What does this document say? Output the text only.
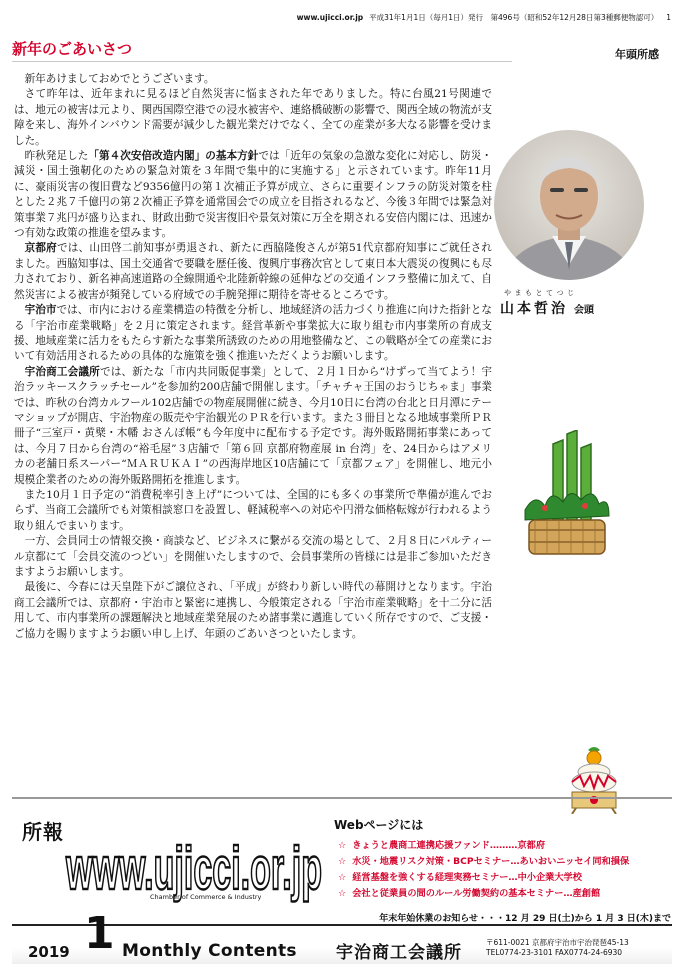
www.ujicci.or.jp 平成31年1月1日（毎月1日）発行　第496号（昭和52年12月28日第3種郵便物認可） 1
新年のごあいさつ	年頭所感

新年あけましておめでとうございます。

さて昨年は、近年まれに見るほど自然災害に悩まされた年でありました。特に台風21号関連では、地元の被害は元より、関西国際空港での浸水被害や、連絡橋破断の影響で、関西全域の物流が支障を来し、海外インバウンド需要が減少した観光業だけでなく、全ての産業が多大なる影響を受けました。

昨秋発足した「第４次安倍改造内閣」の基本方針では「近年の気象の急激な変化に対応し、防災・減災・国土強靭化のための緊急対策を３年間で集中的に実施する」と示されています。昨年11月に、豪雨災害の復旧費など9356億円の第１次補正予算が成立、さらに重要インフラの防災対策を柱とした２兆７千億円の第２次補正予算を通常国会での成立を目指されるなど、今後３年間では緊急対策事業７兆円が盛り込まれ、財政出動で災害復旧や景気対策に万全を期される安倍内閣には、迅速かつ有効な政策の推進を望みます。

京都府では、山田啓二前知事が勇退され、新たに西脇隆俊さんが第51代京都府知事にご就任されました。西脇知事は、国土交通省で要職を歴任後、復興庁事務次官として東日本大震災の復興にも尽力されており、新名神高速道路の全線開通や北陸新幹線の延伸などの交通インフラ整備に加えて、自然災害による被害が頻発している府域での手腕発揮に期待を寄せるところです。

宇治市では、市内における産業構造の特徴を分析し、地域経済の活力づくり推進に向けた指針となる「宇治市産業戦略」を２月に策定されます。経営革新や事業拡大に取り組む市内事業所の育成支援、地域産業に活力をもたらす新たな事業所誘致のための用地整備など、この戦略が全ての産業において有効活用されるための具体的な施策を強く推進いただくようお願いします。

宇治商工会議所では、新たな「市内共同販促事業」として、２月１日から“けずって当てよう！宇治ラッキースクラッチセール”を参加約200店舗で開催します。「チャチャ王国のおうじちゃま」事業では、昨秋の台湾カルフール102店舗での物産展開催に続き、今月10日に台湾の台北と日月潭にテーマショップが開店、宇治物産の販売や宇治観光のＰＲを行います。また３冊目となる地域事業所ＰＲ冊子“三室戸・黄檗・木幡 おさんぽ帳”も今年度中に配布する予定です。海外販路開拓事業にあっては、今月７日から台湾の“裕毛屋”３店舗で「第６回 京都府物産展 in 台湾」を、24日からはアメリカの老舗日系スーパー“ＭＡＲＵＫＡＩ”の西海岸地区10店舗にて「京都フェア」を開催し、地元小規模企業者のための海外販路開拓を推進します。

また10月１日予定の“消費税率引き上げ”については、全国的にも多くの事業所で準備が進んでおらず、当商工会議所でも対策相談窓口を設置し、軽減税率への対応や円滑な価格転嫁が行われるよう取り組んでまいります。

一方、会員同士の情報交換・商談など、ビジネスに繋がる交流の場として、２月８日にパルティール京都にて「会員交流のつどい」を開催いたしますので、会員事業所の皆様には是非ご参加いただきますようお願いします。

最後に、今春には天皇陛下がご譲位され、「平成」が終わり新しい時代の幕開けとなります。宇治商工会議所では、京都府・宇治市と緊密に連携し、今般策定される「宇治市産業戦略」を十二分に活用して、市内事業所の課題解決と地域産業発展のため諸事業に邁進していく所存ですので、ご支援・ご協力を賜りますようお願い申し上げ、年頭のごあいさつといたします。

やまもとてつじ
山本哲治 会頭
所報
www.ujicci.or.jp
Chamber of Commerce & Industry
Webページには
☆ きょうと農商工連携応援ファンド………京都府
☆ 水災・地震リスク対策・BCPセミナー…あいおいニッセイ同和損保
☆ 経営基盤を強くする経理実務セミナー…中小企業大学校
☆ 会社と従業員の間のルール労働契約の基本セミナー…産創館
年末年始休業のお知らせ・・・12 月 29 日(土)から 1 月 3 日(木)まで
2019 1 Monthly Contents 宇治商工会議所
〒611-0021 京都府宇治市宇治琵琶45-13
TEL0774-23-3101 FAX0774-24-6930
